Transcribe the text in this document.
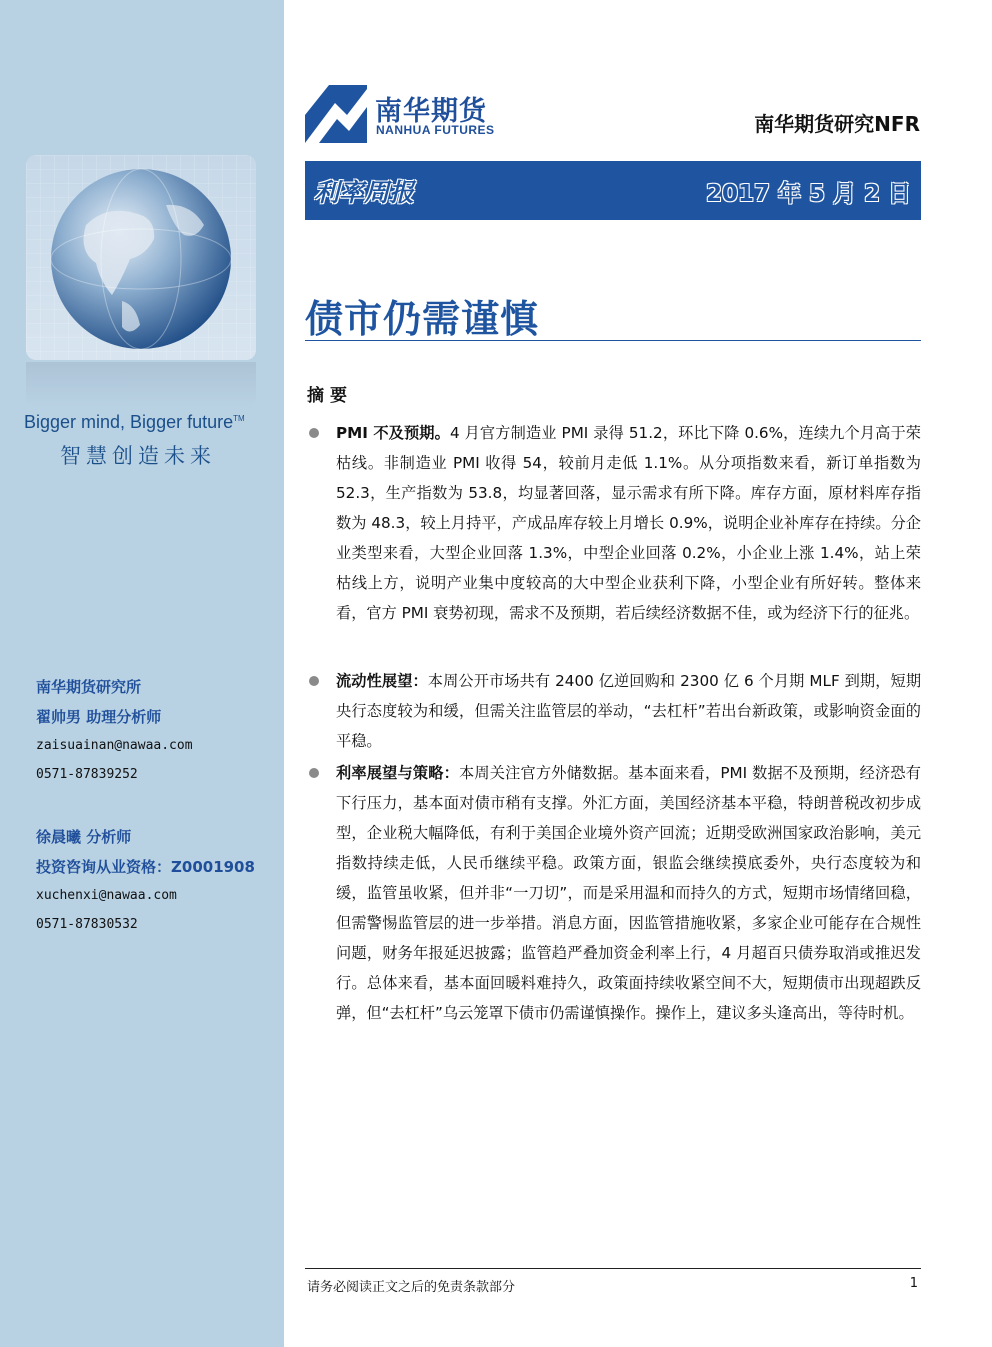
Bigger mind, Bigger future™
智慧创造未来
南华期货研究所
翟帅男 助理分析师
zaisuainan@nawaa.com
0571-87839252
徐晨曦 分析师
投资咨询从业资格：Z0001908
xuchenxi@nawaa.com
0571-87830532
南华期货
NANHUA FUTURES	南华期货研究NFR
利率周报	2017 年 5 月 2 日
债市仍需谨慎
摘要
PMI 不及预期。4 月官方制造业 PMI 录得 51.2，环比下降 0.6%，连续九个月高于荣枯线。非制造业 PMI 收得 54，较前月走低 1.1%。从分项指数来看，新订单指数为 52.3，生产指数为 53.8，均显著回落，显示需求有所下降。库存方面，原材料库存指数为 48.3，较上月持平，产成品库存较上月增长 0.9%，说明企业补库存在持续。分企业类型来看，大型企业回落 1.3%，中型企业回落 0.2%，小企业上涨 1.4%，站上荣枯线上方，说明产业集中度较高的大中型企业获利下降，小型企业有所好转。整体来看，官方 PMI 衰势初现，需求不及预期，若后续经济数据不佳，或为经济下行的征兆。
流动性展望：本周公开市场共有 2400 亿逆回购和 2300 亿 6 个月期 MLF 到期，短期央行态度较为和缓，但需关注监管层的举动，“去杠杆”若出台新政策，或影响资金面的平稳。
利率展望与策略：本周关注官方外储数据。基本面来看，PMI 数据不及预期，经济恐有下行压力，基本面对债市稍有支撑。外汇方面，美国经济基本平稳，特朗普税改初步成型，企业税大幅降低，有利于美国企业境外资产回流；近期受欧洲国家政治影响，美元指数持续走低，人民币继续平稳。政策方面，银监会继续摸底委外，央行态度较为和缓，监管虽收紧，但并非“一刀切”，而是采用温和而持久的方式，短期市场情绪回稳，但需警惕监管层的进一步举措。消息方面，因监管措施收紧，多家企业可能存在合规性问题，财务年报延迟披露；监管趋严叠加资金利率上行，4 月超百只债券取消或推迟发行。总体来看，基本面回暖料难持久，政策面持续收紧空间不大，短期债市出现超跌反弹，但“去杠杆”乌云笼罩下债市仍需谨慎操作。操作上，建议多头逢高出，等待时机。
请务必阅读正文之后的免责条款部分	1
